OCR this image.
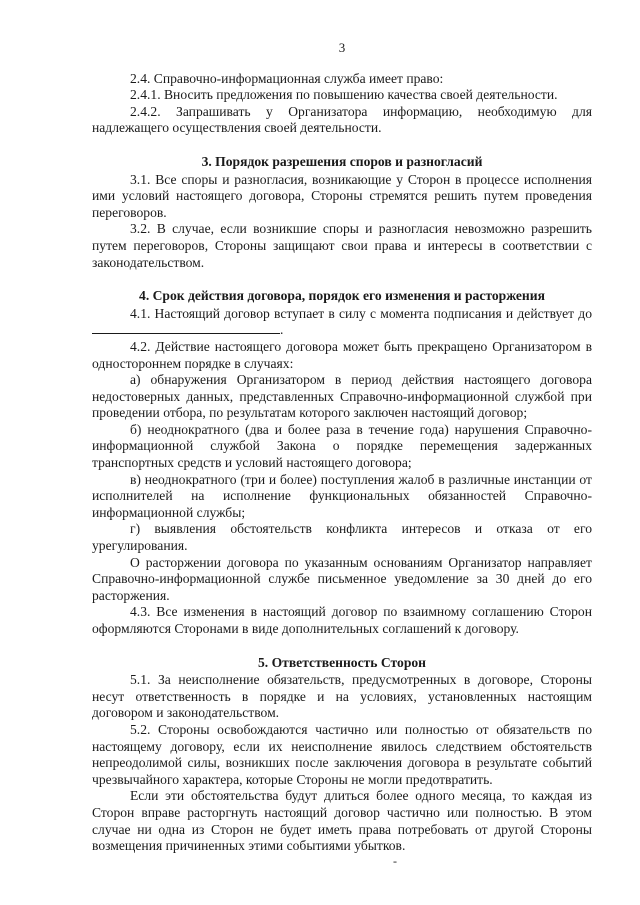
3

2.4. Справочно-информационная служба имеет право:

2.4.1. Вносить предложения по повышению качества своей деятельности.

2.4.2. Запрашивать у Организатора информацию, необходимую для надлежащего осуществления своей деятельности.

3. Порядок разрешения споров и разногласий

3.1. Все споры и разногласия, возникающие у Сторон в процессе исполнения ими условий настоящего договора, Стороны стремятся решить путем проведения переговоров.

3.2. В случае, если возникшие споры и разногласия невозможно разрешить путем переговоров, Стороны защищают свои права и интересы в соответствии с законодательством.

4. Срок действия договора, порядок его изменения и расторжения

4.1. Настоящий договор вступает в силу с момента подписания и действует до .

4.2. Действие настоящего договора может быть прекращено Организатором в одностороннем порядке в случаях:

а) обнаружения Организатором в период действия настоящего договора недостоверных данных, представленных Справочно-информационной службой при проведении отбора, по результатам которого заключен настоящий договор;

б) неоднократного (два и более раза в течение года) нарушения Справочно-информационной службой Закона о порядке перемещения задержанных транспортных средств и условий настоящего договора;

в) неоднократного (три и более) поступления жалоб в различные инстанции от исполнителей на исполнение функциональных обязанностей Справочно-информационной службы;

г) выявления обстоятельств конфликта интересов и отказа от его урегулирования.

О расторжении договора по указанным основаниям Организатор направляет Справочно-информационной службе письменное уведомление за 30 дней до его расторжения.

4.3. Все изменения в настоящий договор по взаимному соглашению Сторон оформляются Сторонами в виде дополнительных соглашений к договору.

5. Ответственность Сторон

5.1. За неисполнение обязательств, предусмотренных в договоре, Стороны несут ответственность в порядке и на условиях, установленных настоящим договором и законодательством.

5.2. Стороны освобождаются частично или полностью от обязательств по настоящему договору, если их неисполнение явилось следствием обстоятельств непреодолимой силы, возникших после заключения договора в результате событий чрезвычайного характера, которые Стороны не могли предотвратить.

Если эти обстоятельства будут длиться более одного месяца, то каждая из Сторон вправе расторгнуть настоящий договор частично или полностью. В этом случае ни одна из Сторон не будет иметь права потребовать от другой Стороны возмещения причиненных этими событиями убытков.

-
